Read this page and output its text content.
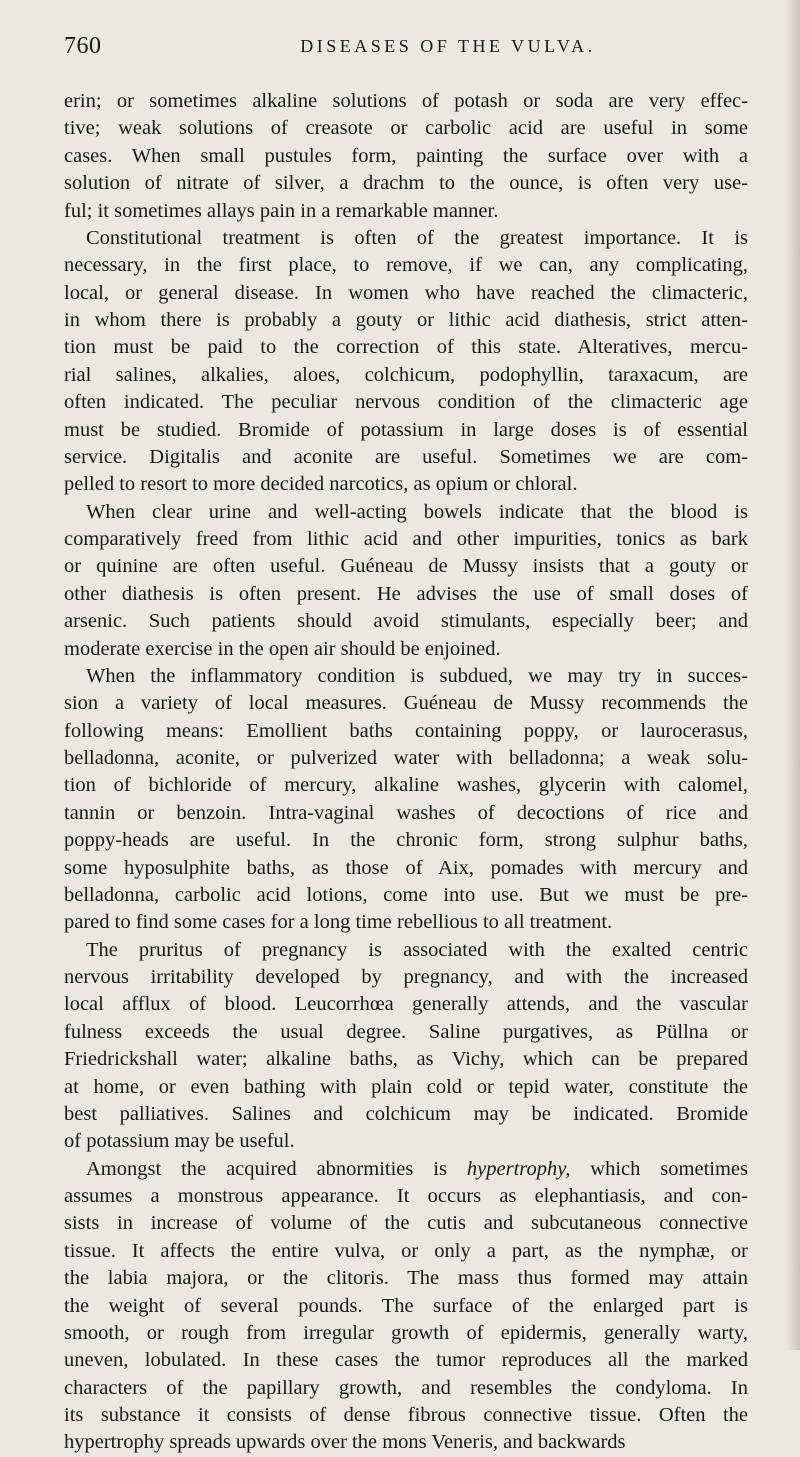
760	DISEASES OF THE VULVA.
erin; or sometimes alkaline solutions of potash or soda are very effec-
tive; weak solutions of creasote or carbolic acid are useful in some
cases. When small pustules form, painting the surface over with a
solution of nitrate of silver, a drachm to the ounce, is often very use-
ful; it sometimes allays pain in a remarkable manner.
Constitutional treatment is often of the greatest importance. It is
necessary, in the first place, to remove, if we can, any complicating,
local, or general disease. In women who have reached the climacteric,
in whom there is probably a gouty or lithic acid diathesis, strict atten-
tion must be paid to the correction of this state. Alteratives, mercu-
rial salines, alkalies, aloes, colchicum, podophyllin, taraxacum, are
often indicated. The peculiar nervous condition of the climacteric age
must be studied. Bromide of potassium in large doses is of essential
service. Digitalis and aconite are useful. Sometimes we are com-
pelled to resort to more decided narcotics, as opium or chloral.
When clear urine and well-acting bowels indicate that the blood is
comparatively freed from lithic acid and other impurities, tonics as bark
or quinine are often useful. Guéneau de Mussy insists that a gouty or
other diathesis is often present. He advises the use of small doses of
arsenic. Such patients should avoid stimulants, especially beer; and
moderate exercise in the open air should be enjoined.
When the inflammatory condition is subdued, we may try in succes-
sion a variety of local measures. Guéneau de Mussy recommends the
following means: Emollient baths containing poppy, or laurocerasus,
belladonna, aconite, or pulverized water with belladonna; a weak solu-
tion of bichloride of mercury, alkaline washes, glycerin with calomel,
tannin or benzoin. Intra-vaginal washes of decoctions of rice and
poppy-heads are useful. In the chronic form, strong sulphur baths,
some hyposulphite baths, as those of Aix, pomades with mercury and
belladonna, carbolic acid lotions, come into use. But we must be pre-
pared to find some cases for a long time rebellious to all treatment.
The pruritus of pregnancy is associated with the exalted centric
nervous irritability developed by pregnancy, and with the increased
local afflux of blood. Leucorrhœa generally attends, and the vascular
fulness exceeds the usual degree. Saline purgatives, as Püllna or
Friedrickshall water; alkaline baths, as Vichy, which can be prepared
at home, or even bathing with plain cold or tepid water, constitute the
best palliatives. Salines and colchicum may be indicated. Bromide
of potassium may be useful.
Amongst the acquired abnormities is hypertrophy, which sometimes
assumes a monstrous appearance. It occurs as elephantiasis, and con-
sists in increase of volume of the cutis and subcutaneous connective
tissue. It affects the entire vulva, or only a part, as the nymphæ, or
the labia majora, or the clitoris. The mass thus formed may attain
the weight of several pounds. The surface of the enlarged part is
smooth, or rough from irregular growth of epidermis, generally warty,
uneven, lobulated. In these cases the tumor reproduces all the marked
characters of the papillary growth, and resembles the condyloma. In
its substance it consists of dense fibrous connective tissue. Often the
hypertrophy spreads upwards over the mons Veneris, and backwards
